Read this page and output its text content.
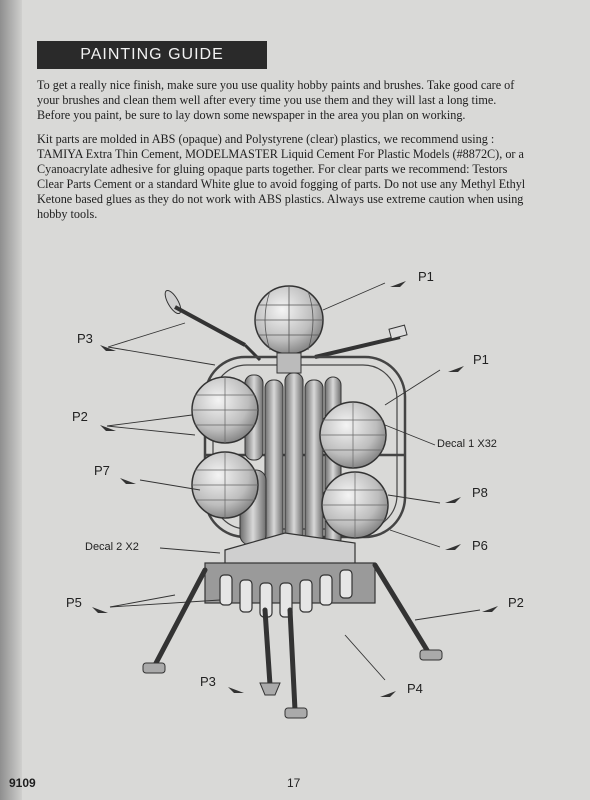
PAINTING GUIDE

To get a really nice finish, make sure you use quality hobby paints and brushes. Take good care of your brushes and clean them well after every time you use them and they will last a long time. Before you paint, be sure to lay down some newspaper in the area you plan on working.

Kit parts are molded in ABS (opaque) and Polystyrene (clear) plastics, we recommend using : TAMIYA Extra Thin Cement, MODELMASTER Liquid Cement For Plastic Models (#8872C), or a Cyanoacrylate adhesive for gluing opaque parts together. For clear parts we recommend: Testors Clear Parts Cement or a standard White glue to avoid fogging of parts. Do not use any Methyl Ethyl Ketone based glues as they do not work with ABS plastics. Always use extreme caution when using hobby tools.

P1
P1
P3
P2
Decal 1 X32
P7
P8
Decal 2 X2	P6
P5	P2
P3	P4
9109	17
